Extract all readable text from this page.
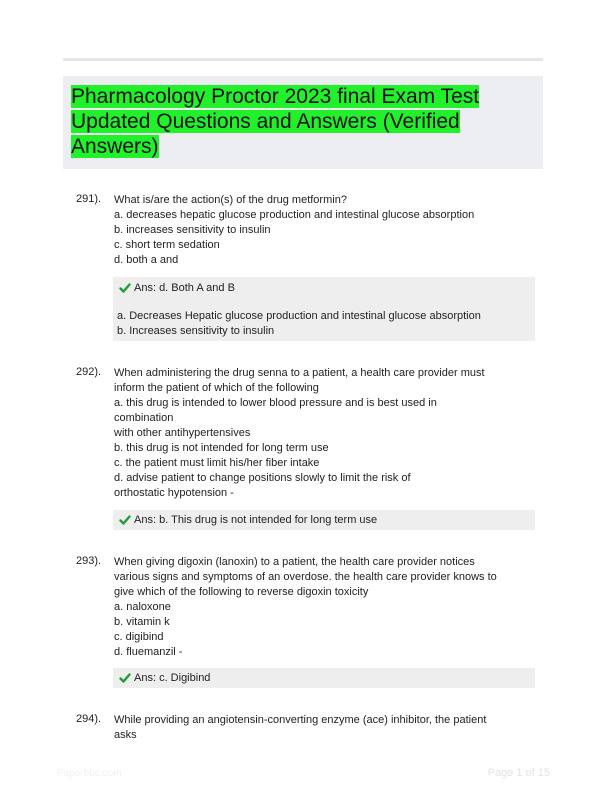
Pharmacology Proctor 2023 final Exam Test
Updated Questions and Answers (Verified
Answers)
291). What is/are the action(s) of the drug metformin?
a. decreases hepatic glucose production and intestinal glucose absorption
b. increases sensitivity to insulin
c. short term sedation
d. both a and
Ans: d. Both A and B
a. Decreases Hepatic glucose production and intestinal glucose absorption
b. Increases sensitivity to insulin
292). When administering the drug senna to a patient, a health care provider must
inform the patient of which of the following
a. this drug is intended to lower blood pressure and is best used in
combination
with other antihypertensives
b. this drug is not intended for long term use
c. the patient must limit his/her fiber intake
d. advise patient to change positions slowly to limit the risk of
orthostatic hypotension -
Ans: b. This drug is not intended for long term use
293). When giving digoxin (lanoxin) to a patient, the health care provider notices
various signs and symptoms of an overdose. the health care provider knows to
give which of the following to reverse digoxin toxicity
a. naloxone
b. vitamin k
c. digibind
d. fluemanzil -
Ans: c. Digibind
294). While providing an angiotensin-converting enzyme (ace) inhibitor, the patient
asks
Paperbbc.com	Page 1 of 15
